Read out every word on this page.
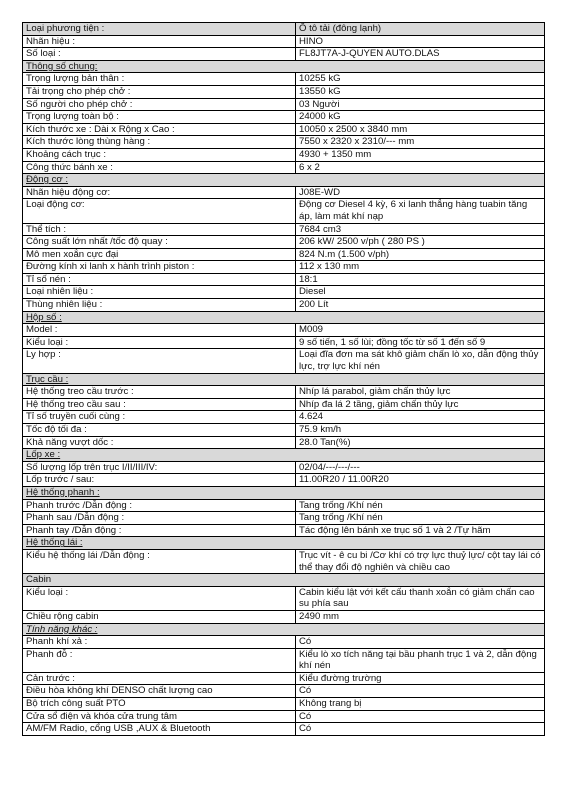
Loại phương tiện :	Ô tô tải (đông lạnh)
Nhãn hiệu :	HINO
Số loại :	FL8JT7A-J-QUYEN AUTO.DLAS
Thông số chung:	
Trọng lượng bản thân :	10255 kG
Tải trọng cho phép chở :	13550 kG
Số người cho phép chở :	03 Người
Trọng lượng toàn bộ :	24000 kG
Kích thước xe : Dài x Rộng x Cao :	10050 x 2500 x 3840 mm
Kích thước lòng thùng hàng :	7550 x 2320 x 2310/--- mm
Khoảng cách trục :	4930 + 1350 mm
Công thức bánh xe :	6 x 2
Động cơ :	
Nhãn hiệu động cơ:	J08E-WD
Loại động cơ:	Động cơ Diesel 4 kỳ, 6 xi lanh thẳng hàng tuabin tăng áp, làm mát khí nạp
Thể tích :	7684 cm3
Công suất lớn nhất /tốc độ quay :	206 kW/ 2500 v/ph ( 280 PS )
Mô men xoắn cực đại	824 N.m (1.500 v/ph)
Đường kính xi lanh x hành trình piston :	112 x 130 mm
Tỉ số nén :	18:1
Loại nhiên liệu :	Diesel
Thùng nhiên liệu :	200 Lít
Hộp số :	
Model :	M009
Kiểu loại :	9 số tiến, 1 số lùi; đồng tốc từ số 1 đến số 9
Ly hợp :	Loại đĩa đơn ma sát khô giảm chấn lò xo, dẫn động thủy lực, trợ lực khí nén
Trục cầu :	
Hệ thống treo cầu trước :	Nhíp lá parabol, giảm chấn thủy lực
Hệ thống treo cầu sau :	Nhíp đa lá 2 tầng, giảm chấn thủy lực
Tỉ số truyền cuối cùng :	4.624
Tốc độ tối đa :	75.9 km/h
Khả năng vượt dốc :	28.0 Tan(%)
Lốp xe :	
Số lượng lốp trên trục I/II/III/IV:	02/04/---/---/---
Lốp trước / sau:	11.00R20 / 11.00R20
Hệ thống phanh :	
Phanh trước /Dẫn động :	Tang trống /Khí nén
Phanh sau /Dẫn động :	Tang trống /Khí nén
Phanh tay /Dẫn động :	Tác động lên bánh xe trục số 1 và 2 /Tự hãm
Hệ thống lái :	
Kiểu hệ thống lái /Dẫn động :	Trục vít - ê cu bi /Cơ khí có trợ lực thuỷ lực/ cột tay lái có thể thay đổi độ nghiên và chiều cao
Cabin	
Kiểu loại :	Cabin kiểu lật với kết cấu thanh xoắn có giảm chấn cao su phía sau
Chiều rộng cabin	2490 mm
Tính năng khác :	
Phanh khí xả :	Có
Phanh đỗ :	Kiểu lò xo tích năng tại bầu phanh trục 1 và 2, dẫn động khí nén
Cản trước :	Kiểu đường trường
Điều hòa không khí DENSO chất lượng cao	Có
Bộ trích công suất PTO	Không trang bị
Cửa sổ điện và khóa cửa trung tâm	Có
AM/FM Radio, cổng USB ,AUX & Bluetooth	Có
